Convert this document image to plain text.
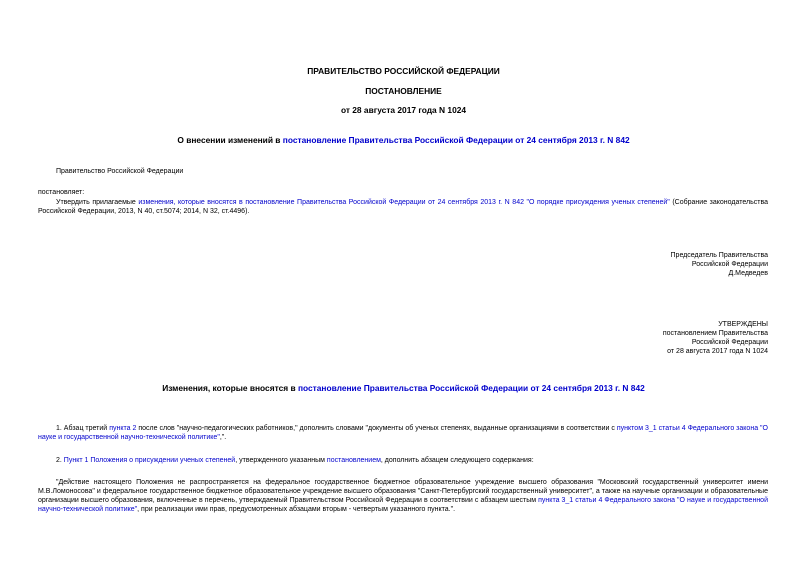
ПРАВИТЕЛЬСТВО РОССИЙСКОЙ ФЕДЕРАЦИИ
ПОСТАНОВЛЕНИЕ
от 28 августа 2017 года N 1024
О внесении изменений в постановление Правительства Российской Федерации от 24 сентября 2013 г. N 842
Правительство Российской Федерации
постановляет:
Утвердить прилагаемые изменения, которые вносятся в постановление Правительства Российской Федерации от 24 сентября 2013 г. N 842 "О порядке присуждения ученых степеней" (Собрание законодательства Российской Федерации, 2013, N 40, ст.5074; 2014, N 32, ст.4496).
Председатель Правительства
Российской Федерации
Д.Медведев
УТВЕРЖДЕНЫ
постановлением Правительства
Российской Федерации
от 28 августа 2017 года N 1024
Изменения, которые вносятся в постановление Правительства Российской Федерации от 24 сентября 2013 г. N 842
1. Абзац третий пункта 2 после слов "научно-педагогических работников," дополнить словами "документы об ученых степенях, выданные организациями в соответствии с пунктом 3_1 статьи 4 Федерального закона "О науке и государственной научно-технической политике",".
2. Пункт 1 Положения о присуждении ученых степеней, утвержденного указанным постановлением, дополнить абзацем следующего содержания:
"Действие настоящего Положения не распространяется на федеральное государственное бюджетное образовательное учреждение высшего образования "Московский государственный университет имени М.В.Ломоносова" и федеральное государственное бюджетное образовательное учреждение высшего образования "Санкт-Петербургский государственный университет", а также на научные организации и образовательные организации высшего образования, включенные в перечень, утверждаемый Правительством Российской Федерации в соответствии с абзацем шестым пункта 3_1 статьи 4 Федерального закона "О науке и государственной научно-технической политике", при реализации ими прав, предусмотренных абзацами вторым - четвертым указанного пункта.".
